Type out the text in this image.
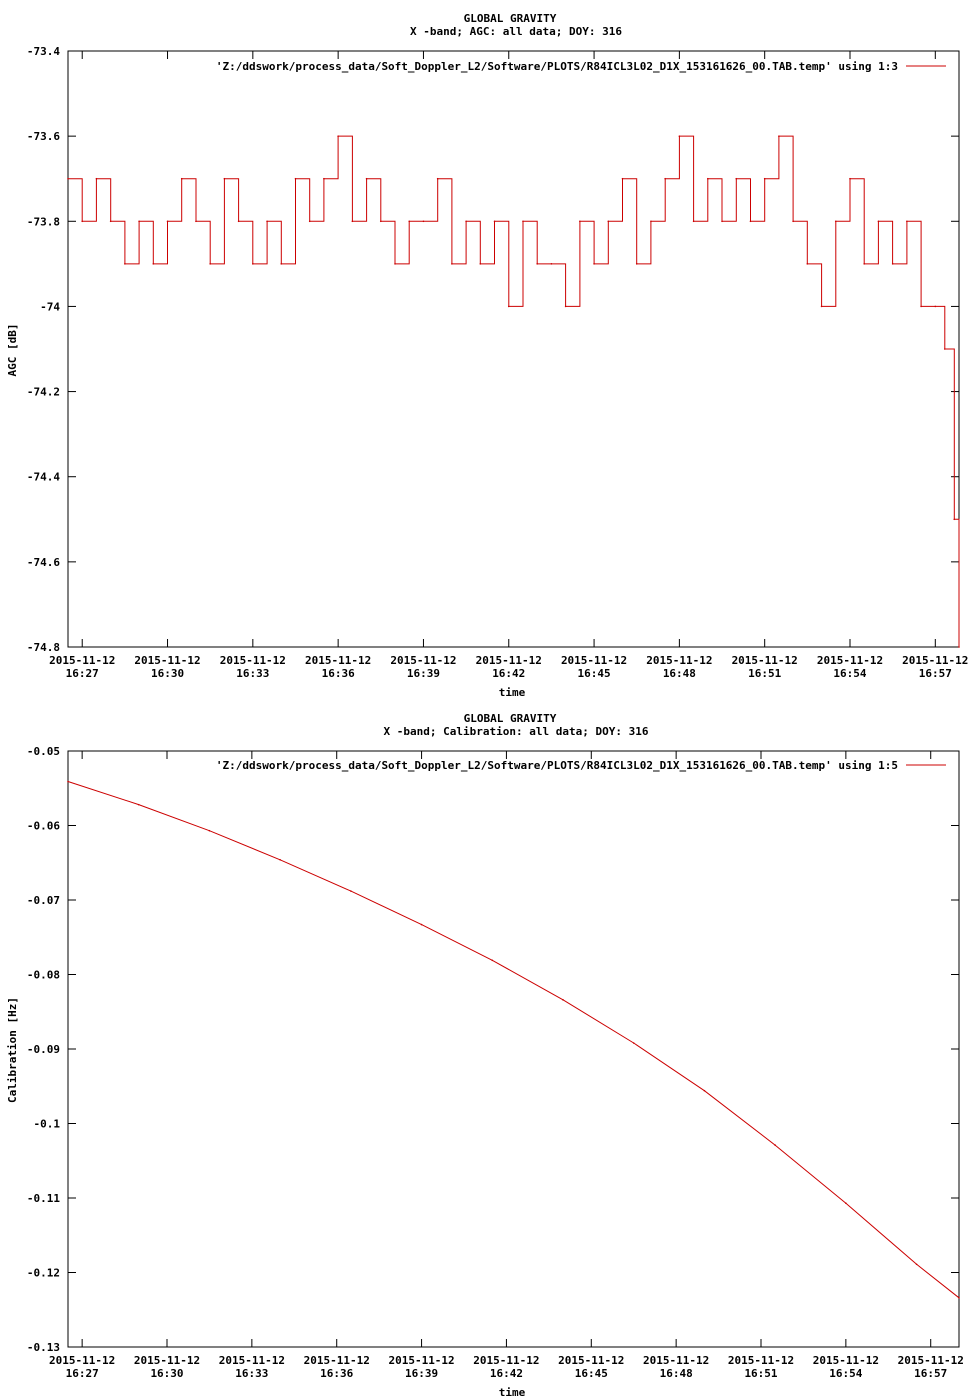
GLOBAL GRAVITY
X -band; AGC: all data; DOY: 316
AGC [dB]
time
-73.4
-73.6
-73.8
-74
-74.2
-74.4
-74.6
-74.8
2015-11-12
16:27
2015-11-12
16:30
2015-11-12
16:33
2015-11-12
16:36
2015-11-12
16:39
2015-11-12
16:42
2015-11-12
16:45
2015-11-12
16:48
2015-11-12
16:51
2015-11-12
16:54
2015-11-12
16:57
'Z:/ddswork/process_data/Soft_Doppler_L2/Software/PLOTS/R84ICL3L02_D1X_153161626_00.TAB.temp' using 1:3
GLOBAL GRAVITY
X -band; Calibration: all data; DOY: 316
Calibration [Hz]
time
-0.05
-0.06
-0.07
-0.08
-0.09
-0.1
-0.11
-0.12
-0.13
2015-11-12
16:27
2015-11-12
16:30
2015-11-12
16:33
2015-11-12
16:36
2015-11-12
16:39
2015-11-12
16:42
2015-11-12
16:45
2015-11-12
16:48
2015-11-12
16:51
2015-11-12
16:54
2015-11-12
16:57
'Z:/ddswork/process_data/Soft_Doppler_L2/Software/PLOTS/R84ICL3L02_D1X_153161626_00.TAB.temp' using 1:5
